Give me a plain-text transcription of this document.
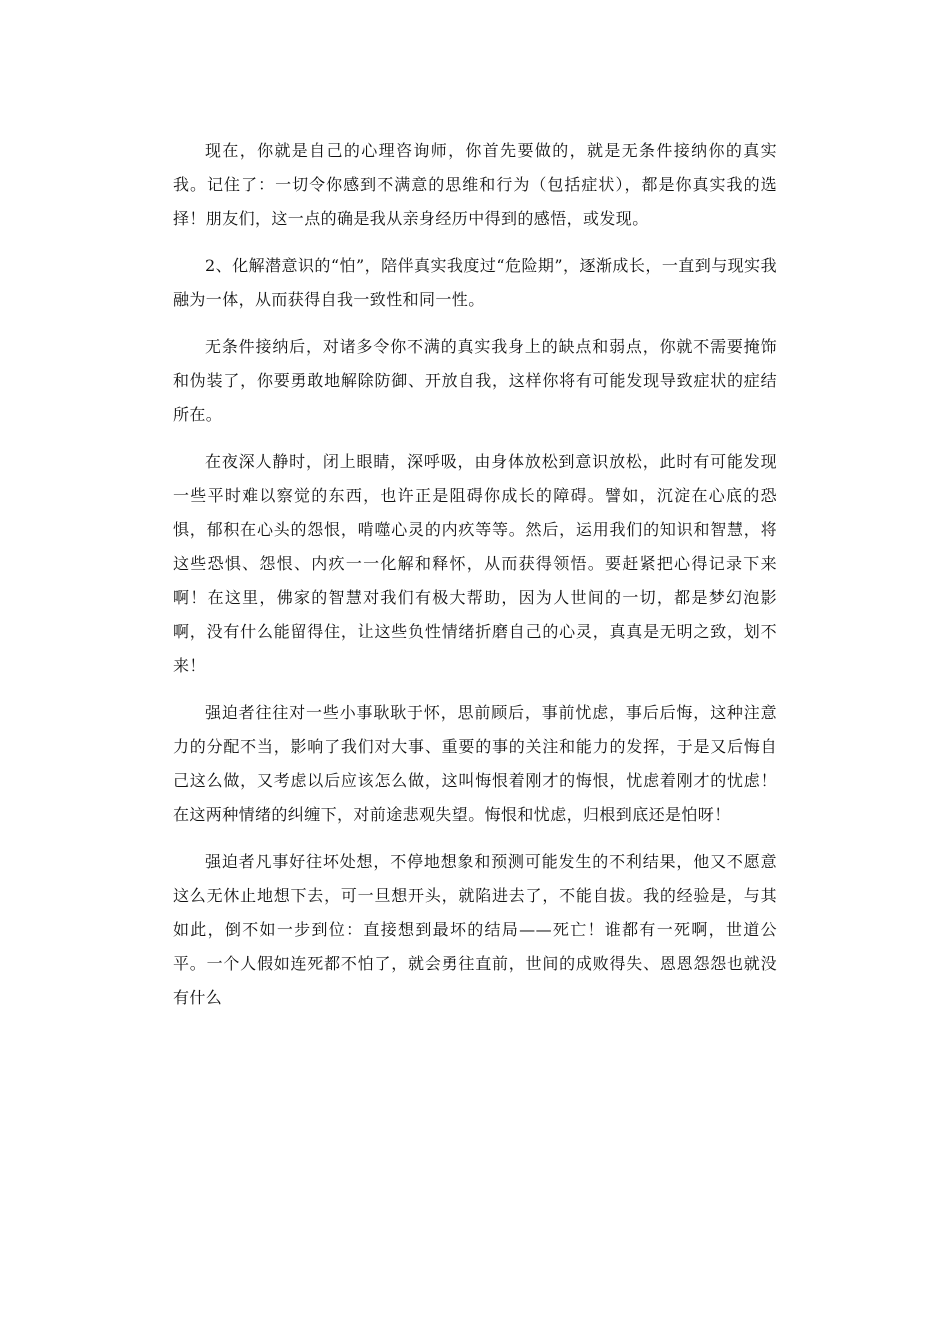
现在，你就是自己的心理咨询师，你首先要做的，就是无条件接纳你的真实我。记住了：一切令你感到不满意的思维和行为（包括症状），都是你真实我的选择！朋友们，这一点的确是我从亲身经历中得到的感悟，或发现。

2、化解潜意识的“怕”，陪伴真实我度过“危险期”，逐渐成长，一直到与现实我融为一体，从而获得自我一致性和同一性。

无条件接纳后，对诸多令你不满的真实我身上的缺点和弱点，你就不需要掩饰和伪装了，你要勇敢地解除防御、开放自我，这样你将有可能发现导致症状的症结所在。

在夜深人静时，闭上眼睛，深呼吸，由身体放松到意识放松，此时有可能发现一些平时难以察觉的东西，也许正是阻碍你成长的障碍。譬如，沉淀在心底的恐惧，郁积在心头的怨恨，啃噬心灵的内疚等等。然后，运用我们的知识和智慧，将这些恐惧、怨恨、内疚一一化解和释怀，从而获得领悟。要赶紧把心得记录下来啊！在这里，佛家的智慧对我们有极大帮助，因为人世间的一切，都是梦幻泡影啊，没有什么能留得住，让这些负性情绪折磨自己的心灵，真真是无明之致，划不来！

强迫者往往对一些小事耿耿于怀，思前顾后，事前忧虑，事后后悔，这种注意力的分配不当，影响了我们对大事、重要的事的关注和能力的发挥，于是又后悔自己这么做，又考虑以后应该怎么做，这叫悔恨着刚才的悔恨，忧虑着刚才的忧虑！在这两种情绪的纠缠下，对前途悲观失望。悔恨和忧虑，归根到底还是怕呀！

强迫者凡事好往坏处想，不停地想象和预测可能发生的不利结果，他又不愿意这么无休止地想下去，可一旦想开头，就陷进去了，不能自拔。我的经验是，与其如此，倒不如一步到位：直接想到最坏的结局——死亡！谁都有一死啊，世道公平。一个人假如连死都不怕了，就会勇往直前，世间的成败得失、恩恩怨怨也就没有什么
